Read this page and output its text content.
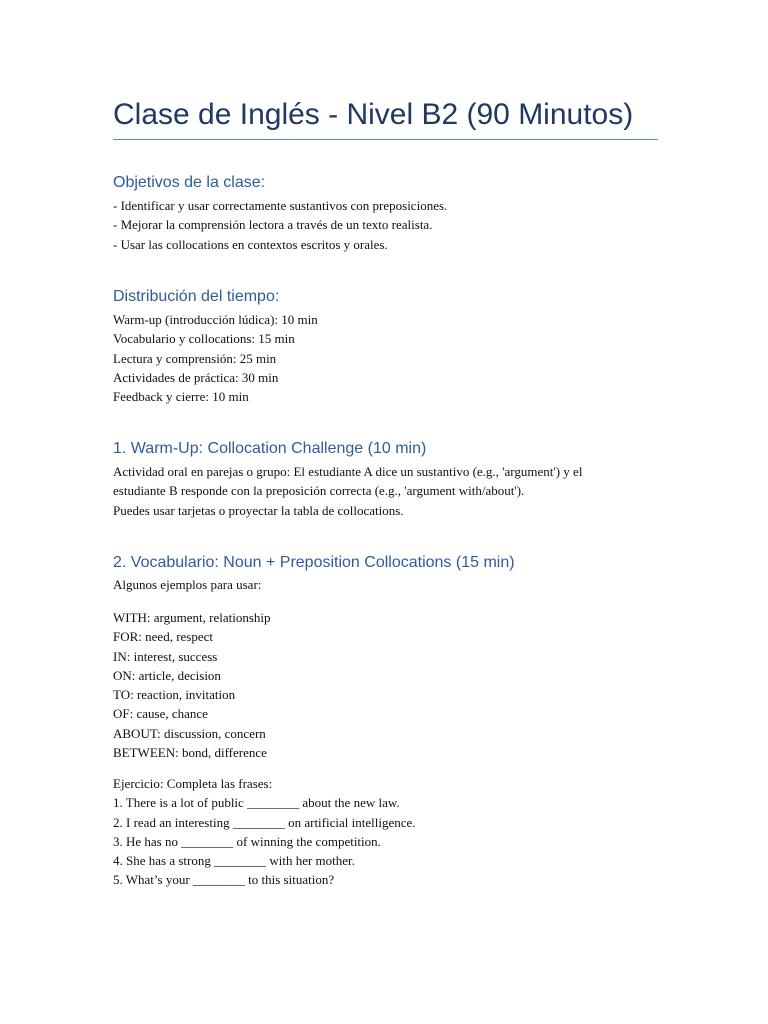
Clase de Inglés - Nivel B2 (90 Minutos)
Objetivos de la clase:
- Identificar y usar correctamente sustantivos con preposiciones.
- Mejorar la comprensión lectora a través de un texto realista.
- Usar las collocations en contextos escritos y orales.
Distribución del tiempo:
Warm-up (introducción lúdica): 10 min
Vocabulario y collocations: 15 min
Lectura y comprensión: 25 min
Actividades de práctica: 30 min
Feedback y cierre: 10 min
1. Warm-Up: Collocation Challenge (10 min)
Actividad oral en parejas o grupo: El estudiante A dice un sustantivo (e.g., 'argument') y el
estudiante B responde con la preposición correcta (e.g., 'argument with/about').
Puedes usar tarjetas o proyectar la tabla de collocations.
2. Vocabulario: Noun + Preposition Collocations (15 min)
Algunos ejemplos para usar:
WITH: argument, relationship
FOR: need, respect
IN: interest, success
ON: article, decision
TO: reaction, invitation
OF: cause, chance
ABOUT: discussion, concern
BETWEEN: bond, difference
Ejercicio: Completa las frases:
1. There is a lot of public ________ about the new law.
2. I read an interesting ________ on artificial intelligence.
3. He has no ________ of winning the competition.
4. She has a strong ________ with her mother.
5. What’s your ________ to this situation?
